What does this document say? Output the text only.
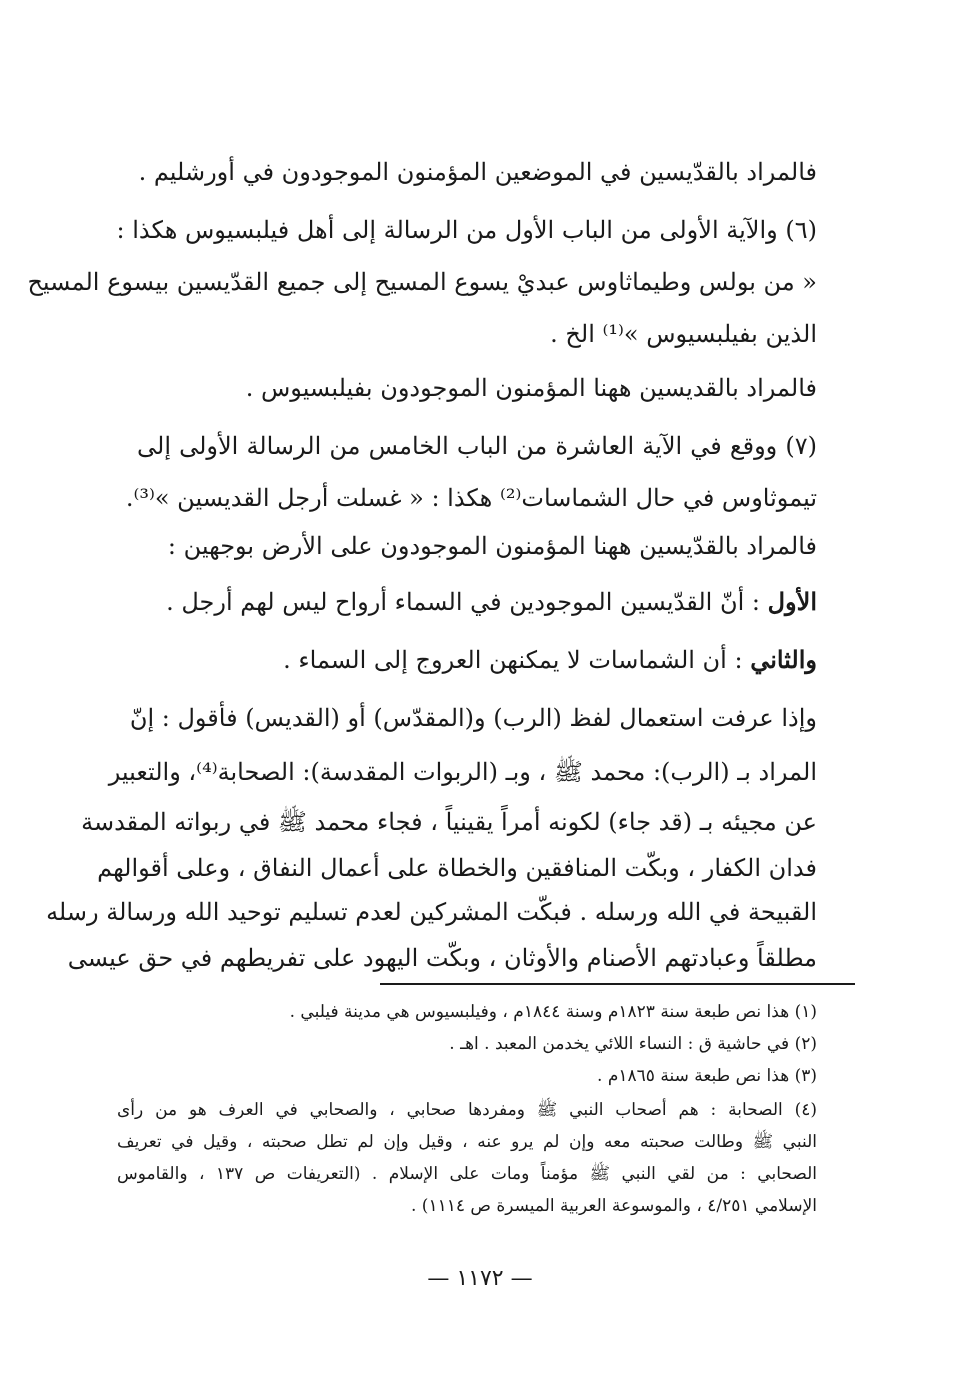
فالمراد بالقدّيسين في الموضعين المؤمنون الموجودون في أورشليم .
(٦) والآية الأولى من الباب الأول من الرسالة إلى أهل فيلبسيوس هكذا :
« من بولس وطيماثاوس عبديْ يسوع المسيح إلى جميع القدّيسين بيسوع المسيح
الذين بفيلبسيوس »⁽¹⁾ الخ .
فالمراد بالقديسين ههنا المؤمنون الموجودون بفيلبسيوس .
(٧) ووقع في الآية العاشرة من الباب الخامس من الرسالة الأولى إلى
تيموثاوس في حال الشماسات⁽²⁾ هكذا : « غسلت أرجل القديسين »⁽³⁾.
فالمراد بالقدّيسين ههنا المؤمنون الموجودون على الأرض بوجهين :
الأول : أنّ القدّيسين الموجودين في السماء أرواح ليس لهم أرجل .
والثاني : أن الشماسات لا يمكنهن العروج إلى السماء .
وإذا عرفت استعمال لفظ (الرب) و(المقدّس) أو (القديس) فأقول : إنّ
المراد بـ (الرب): محمد ﷺ ، وبـ (الربوات المقدسة): الصحابة⁽⁴⁾، والتعبير
عن مجيئه بـ (قد جاء) لكونه أمراً يقينياً ، فجاء محمد ﷺ في ربواته المقدسة
فدان الكفار ، وبكّت المنافقين والخطاة على أعمال النفاق ، وعلى أقوالهم
القبيحة في الله ورسله . فبكّت المشركين لعدم تسليم توحيد الله ورسالة رسله
مطلقاً وعبادتهم الأصنام والأوثان ، وبكّت اليهود على تفريطهم في حق عيسى
(١) هذا نص طبعة سنة ١٨٢٣م وسنة ١٨٤٤م ، وفيلبسيوس هي مدينة فيلبي .
(٢) في حاشية ق : النساء اللائي يخدمن المعبد . اهـ .
(٣) هذا نص طبعة سنة ١٨٦٥م .
(٤) الصحابة : هم أصحاب النبي ﷺ ومفردها صحابي ، والصحابي في العرف هو من رأى
النبي ﷺ وطالت صحبته معه وإن لم يرو عنه ، وقيل وإن لم تطل صحبته ، وقيل في تعريف
الصحابي : من لقي النبي ﷺ مؤمناً ومات على الإسلام . (التعريفات ص ١٣٧ ، والقاموس
الإسلامي ٤/٢٥١ ، والموسوعة العربية الميسرة ص ١١١٤) .
— ١١٧٢ —
